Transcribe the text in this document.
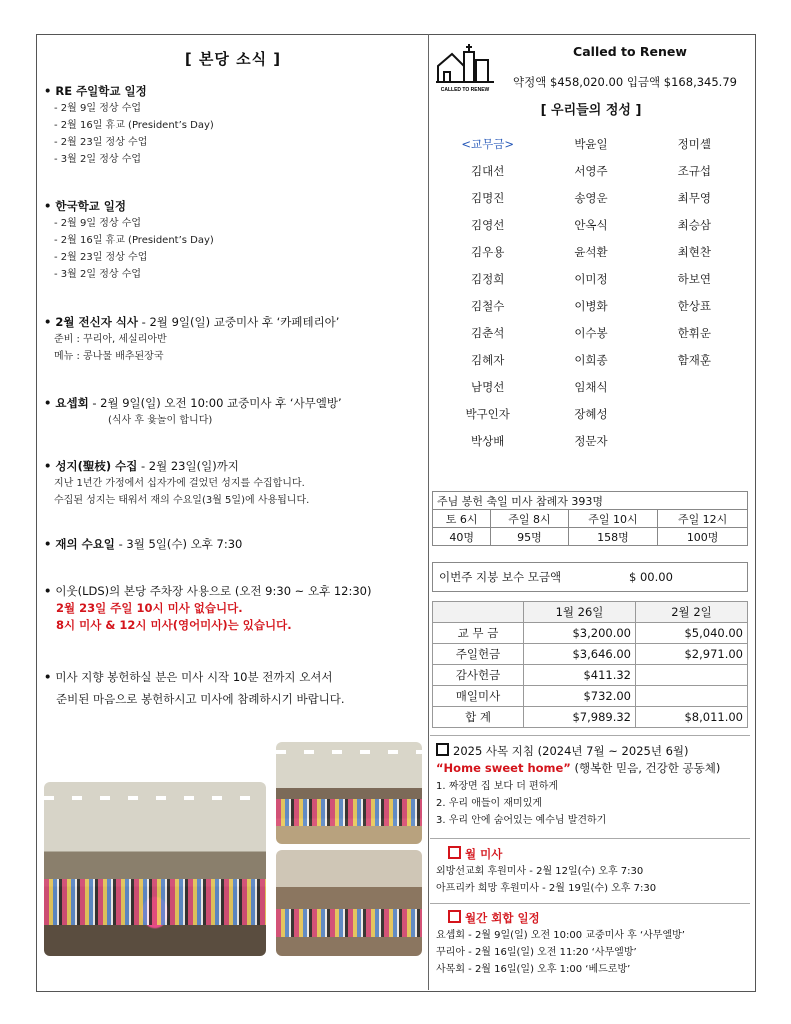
[ 본당 소식 ]
• RE 주일학교 일정
- 2월 9일 정상 수업
- 2월 16일 휴교 (President’s Day)
- 2월 23일 정상 수업
- 3월 2일 정상 수업
• 한국학교 일정
- 2월 9일 정상 수업
- 2월 16일 휴교 (President’s Day)
- 2월 23일 정상 수업
- 3월 2일 정상 수업
• 2월 전신자 식사 - 2월 9일(일) 교중미사 후 ‘카페테리아’
준비 : 꾸리아, 세실리아반
메뉴 : 콩나물 배추된장국
• 요셉회 - 2월 9일(일) 오전 10:00 교중미사 후 ‘사무엘방’
(식사 후 윷놀이 합니다)
• 성지(聖枝) 수집 - 2월 23일(일)까지
지난 1년간 가정에서 십자가에 걸었던 성지를 수집합니다.
수집된 성지는 태워서 재의 수요일(3월 5일)에 사용됩니다.
• 재의 수요일 - 3월 5일(수) 오후 7:30
• 이웃(LDS)의 본당 주차장 사용으로 (오전 9:30 ~ 오후 12:30)
2월 23일 주일 10시 미사 없습니다.
8시 미사 & 12시 미사(영어미사)는 있습니다.
• 미사 지향 봉헌하실 분은 미사 시작 10분 전까지 오셔서
준비된 마음으로 봉헌하시고 미사에 참례하시기 바랍니다.
CALLED TO RENEW
Called to Renew
약정액 $458,020.00 입금액 $168,345.79
[ 우리들의 정성 ]
<교무금>	박윤일	정미셸
김대선	서영주	조규섭
김명진	송영운	최무영
김영선	안옥식	최승삼
김우용	윤석환	최현찬
김정희	이미정	하보연
김철수	이병화	한상표
김춘석	이수봉	한휘운
김혜자	이희종	함재훈
남명선	임채식
박구인자	장혜성
박상배	정문자
주님 봉헌 축일 미사 참례자 393명			
토 6시	주일 8시	주일 10시	주일 12시
40명	95명	158명	100명
이번주 지붕 보수 모금액	$ 00.00
	1월 26일	2월 2일
교 무 금	$3,200.00	$5,040.00
주일헌금	$3,646.00	$2,971.00
감사헌금	$411.32	
매일미사	$732.00	
합 계	$7,989.32	$8,011.00
2025 사목 지침 (2024년 7월 ~ 2025년 6월)
“Home sweet home” (행복한 믿음, 건강한 공동체)
1. 짜장면 집 보다 더 편하게
2. 우리 애들이 재미있게
3. 우리 안에 숨어있는 예수님 발견하기
월 미사
외방선교회 후원미사 - 2월 12일(수) 오후 7:30
아프리카 희망 후원미사 - 2월 19일(수) 오후 7:30
월간 회합 일정
요셉회 - 2월 9일(일) 오전 10:00 교중미사 후 ‘사무엘방’
꾸리아 - 2월 16일(일) 오전 11:20 ‘사무엘방’
사목회 - 2월 16일(일) 오후 1:00 ‘베드로방’
